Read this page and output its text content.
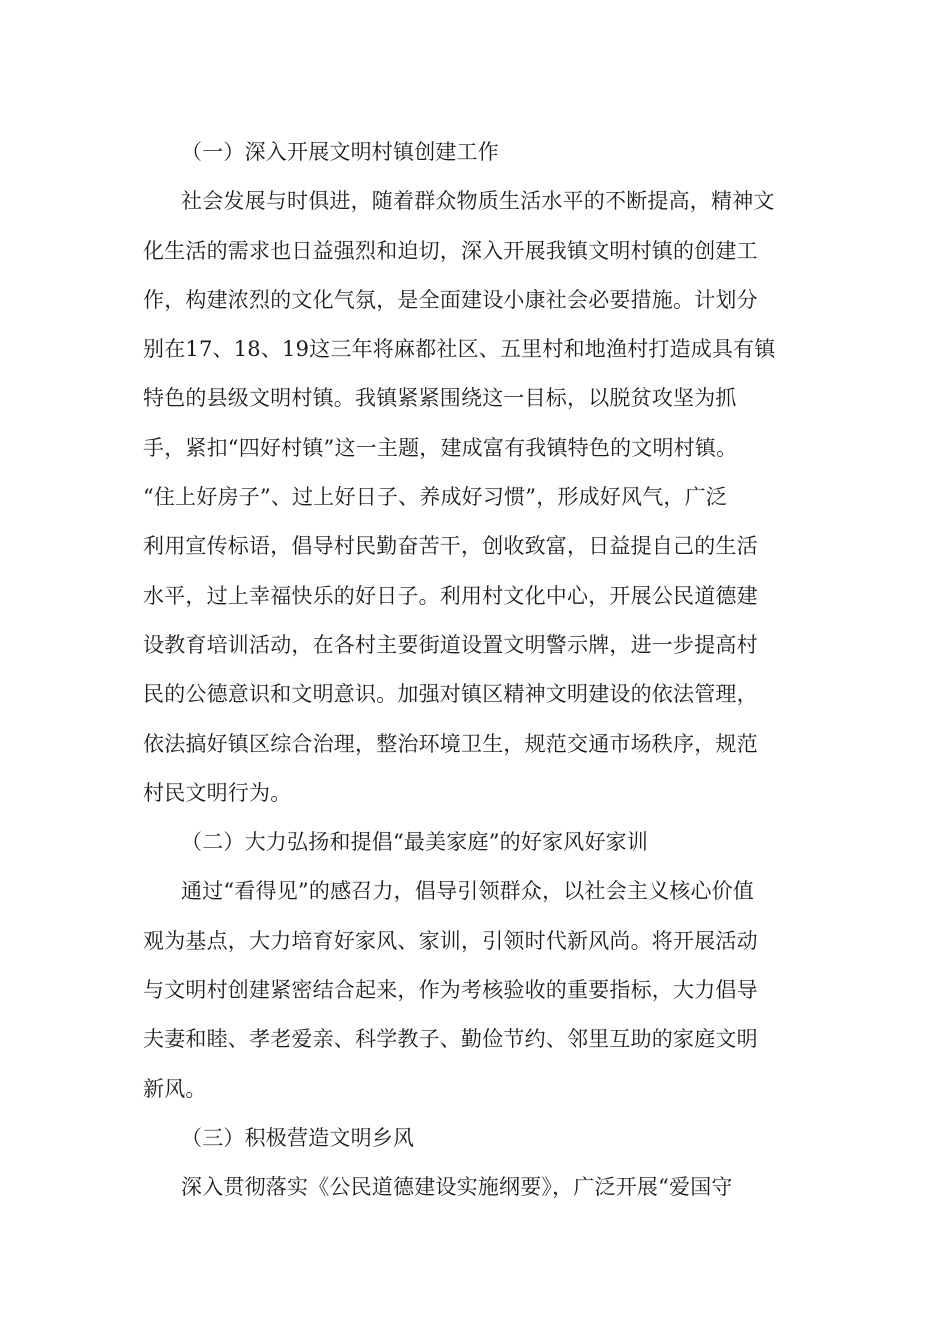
（一）深入开展文明村镇创建工作
社会发展与时俱进，随着群众物质生活水平的不断提高，精神文
化生活的需求也日益强烈和迫切，深入开展我镇文明村镇的创建工
作，构建浓烈的文化气氛，是全面建设小康社会必要措施。计划分
别在17、18、19这三年将麻都社区、五里村和地渔村打造成具有镇
特色的县级文明村镇。我镇紧紧围绕这一目标，以脱贫攻坚为抓
手，紧扣“四好村镇”这一主题，建成富有我镇特色的文明村镇。
“住上好房子”、过上好日子、养成好习惯”，形成好风气，广泛
利用宣传标语，倡导村民勤奋苦干，创收致富，日益提自己的生活
水平，过上幸福快乐的好日子。利用村文化中心，开展公民道德建
设教育培训活动，在各村主要街道设置文明警示牌，进一步提高村
民的公德意识和文明意识。加强对镇区精神文明建设的依法管理，
依法搞好镇区综合治理，整治环境卫生，规范交通市场秩序，规范
村民文明行为。
（二）大力弘扬和提倡“最美家庭”的好家风好家训
通过“看得见”的感召力，倡导引领群众，以社会主义核心价值
观为基点，大力培育好家风、家训，引领时代新风尚。将开展活动
与文明村创建紧密结合起来，作为考核验收的重要指标，大力倡导
夫妻和睦、孝老爱亲、科学教子、勤俭节约、邻里互助的家庭文明
新风。
（三）积极营造文明乡风
深入贯彻落实《公民道德建设实施纲要》，广泛开展“爱国守
